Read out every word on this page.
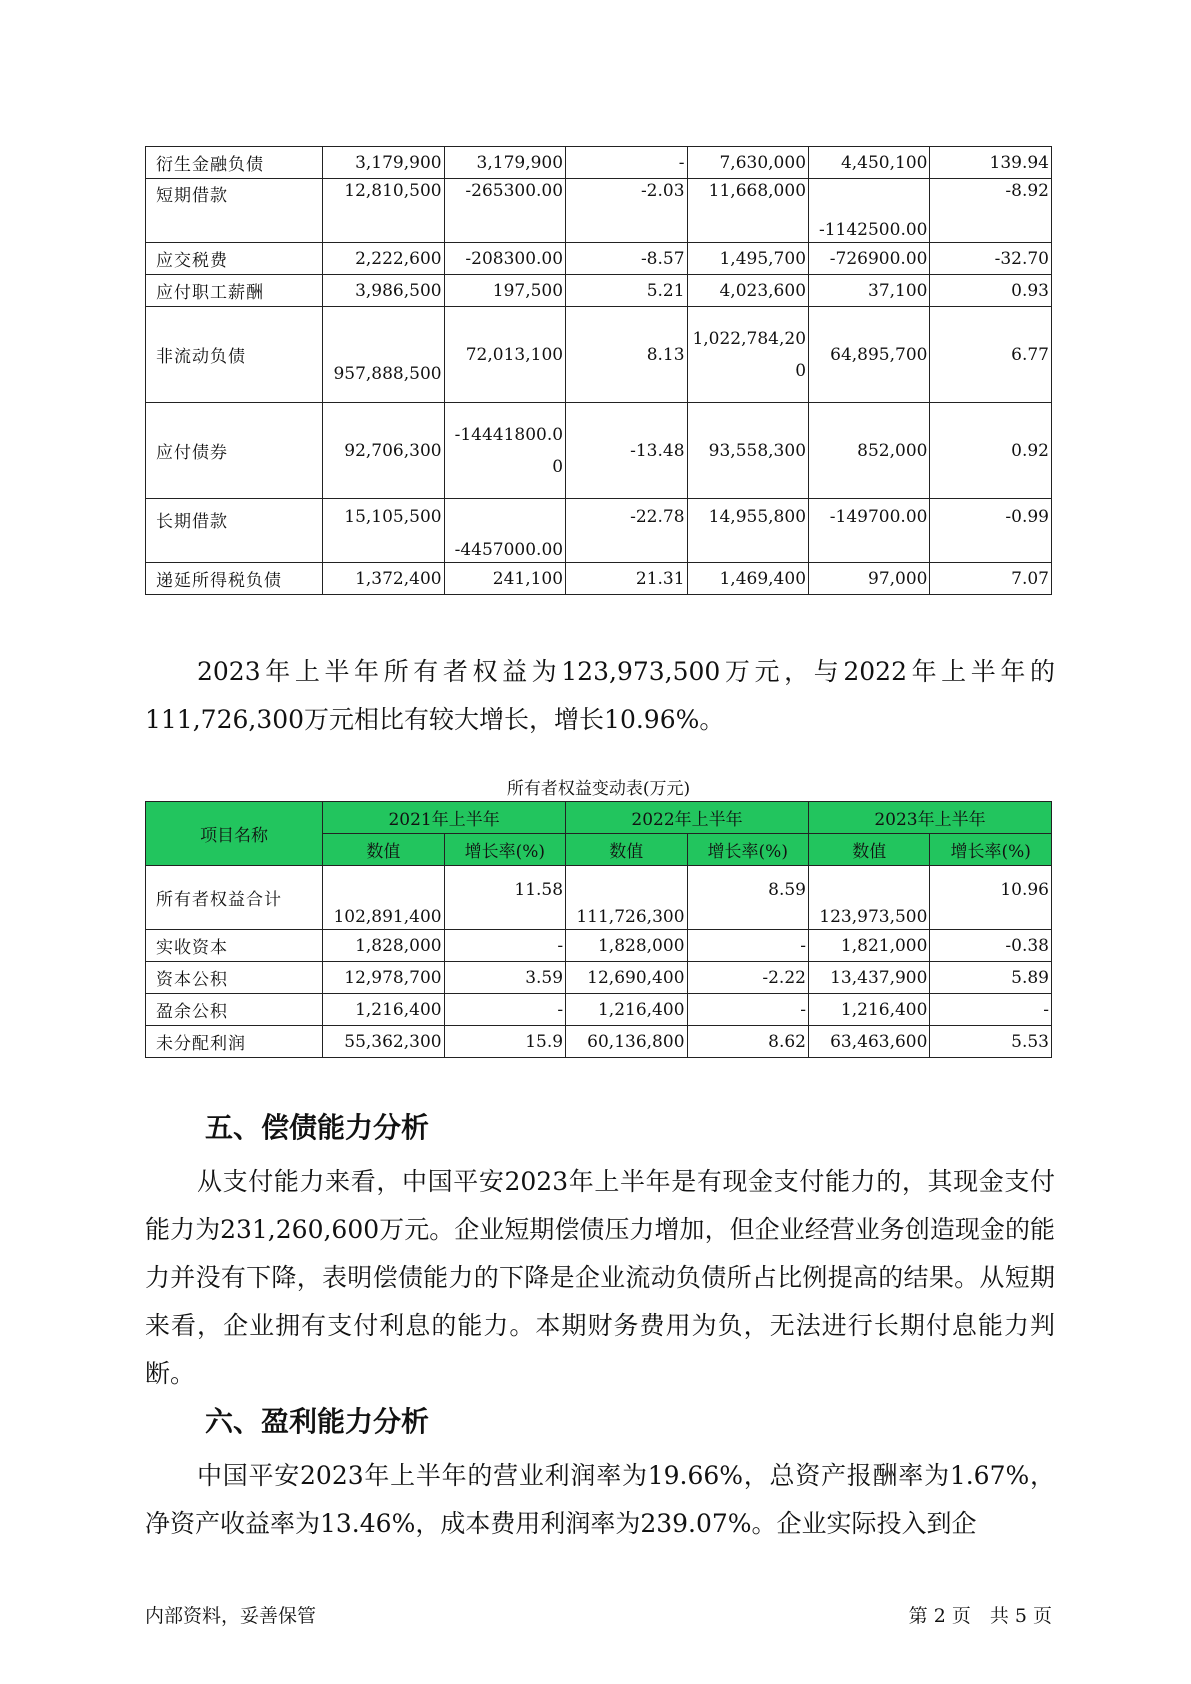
衍生金融负债	3,179,900	3,179,900	-	7,630,000	4,450,100	139.94
短期借款	12,810,500	-265300.00	-2.03	11,668,000	-1142500.00	-8.92
应交税费	2,222,600	-208300.00	-8.57	1,495,700	-726900.00	-32.70
应付职工薪酬	3,986,500	197,500	5.21	4,023,600	37,100	0.93
非流动负债	957,888,500	72,013,100	8.13	1,022,784,200	64,895,700	6.77
应付债券	92,706,300	-14441800.00	-13.48	93,558,300	852,000	0.92
长期借款	15,105,500	-4457000.00	-22.78	14,955,800	-149700.00	-0.99
递延所得税负债	1,372,400	241,100	21.31	1,469,400	97,000	7.07

2023年上半年所有者权益为123,973,500万元，与2022年上半年的111,726,300万元相比有较大增长，增长10.96%。

所有者权益变动表(万元)

项目名称	2021年上半年		2022年上半年		2023年上半年	
	数值	增长率(%)	数值	增长率(%)	数值	增长率(%)
所有者权益合计	102,891,400	11.58	111,726,300	8.59	123,973,500	10.96
实收资本	1,828,000	-	1,828,000	-	1,821,000	-0.38
资本公积	12,978,700	3.59	12,690,400	-2.22	13,437,900	5.89
盈余公积	1,216,400	-	1,216,400	-	1,216,400	-
未分配利润	55,362,300	15.9	60,136,800	8.62	63,463,600	5.53
五、偿债能力分析

从支付能力来看，中国平安2023年上半年是有现金支付能力的，其现金支付能力为231,260,600万元。企业短期偿债压力增加，但企业经营业务创造现金的能力并没有下降，表明偿债能力的下降是企业流动负债所占比例提高的结果。从短期来看，企业拥有支付利息的能力。本期财务费用为负，无法进行长期付息能力判断。

六、盈利能力分析

中国平安2023年上半年的营业利润率为19.66%，总资产报酬率为1.67%，净资产收益率为13.46%，成本费用利润率为239.07%。企业实际投入到企

内部资料，妥善保管	第 2 页　共 5 页
